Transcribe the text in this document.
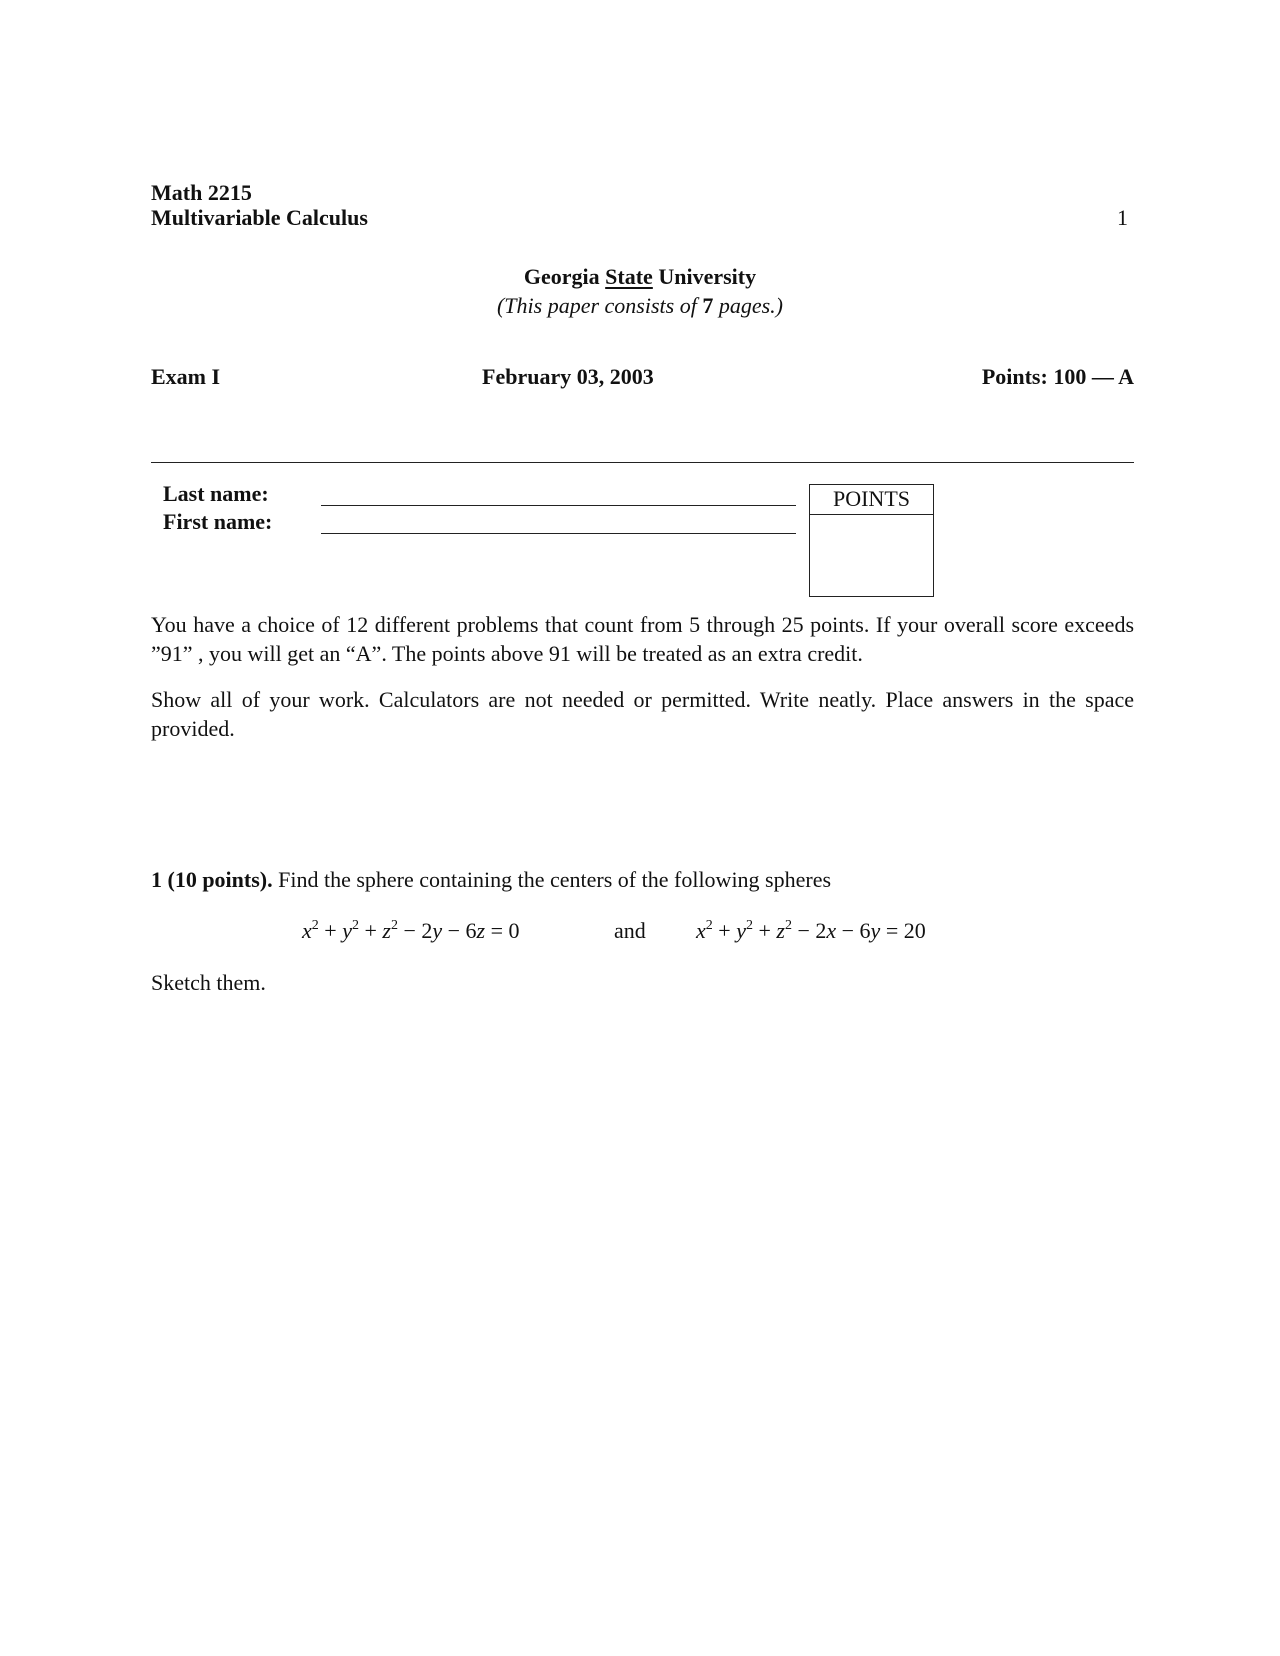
Math 2215
Multivariable Calculus	1
Georgia State University
(This paper consists of 7 pages.)
Exam I	February 03, 2003	Points: 100 — A
Last name:
First name:
POINTS
You have a choice of 12 different problems that count from 5 through 25 points. If your overall score exceeds ”91” , you will get an “A”. The points above 91 will be treated as an extra credit.
Show all of your work. Calculators are not needed or permitted. Write neatly. Place answers in the space provided.
1 (10 points). Find the sphere containing the centers of the following spheres
$x^2 + y^2 + z^2 - 2y - 6z = 0$	and $x^2 + y^2 + z^2 - 2x - 6y = 20$
Sketch them.
